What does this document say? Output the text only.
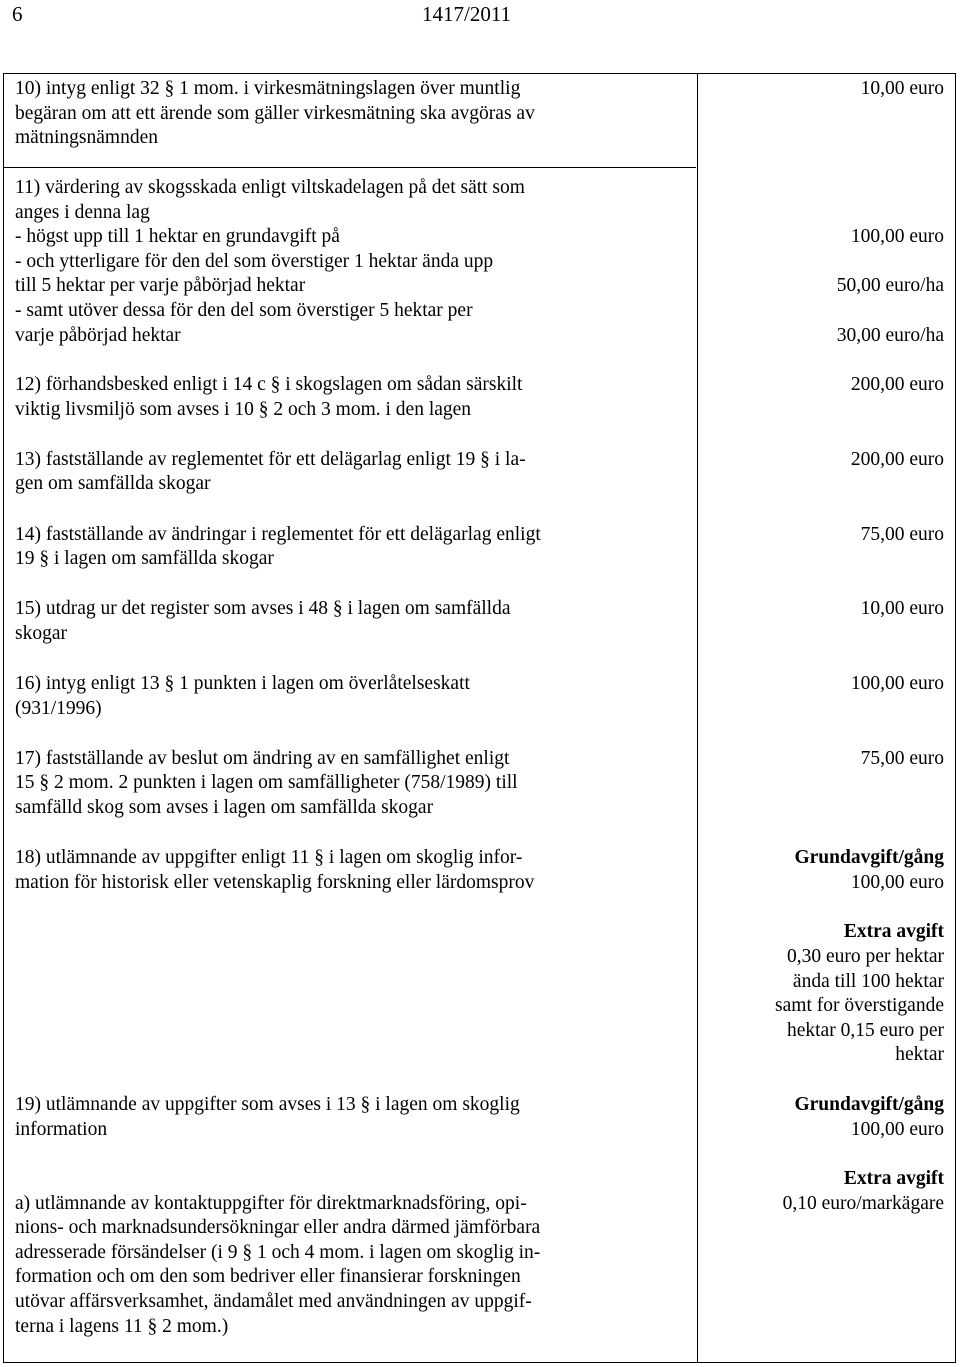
6	1417/2011
10) intyg enligt 32 § 1 mom. i virkesmätningslagen över muntlig
begäran om att ett ärende som gäller virkesmätning ska avgöras av
mätningsnämnden
10,00 euro
11) värdering av skogsskada enligt viltskadelagen på det sätt som
anges i denna lag
- högst upp till 1 hektar en grundavgift på
- och ytterligare för den del som överstiger 1 hektar ända upp
till 5 hektar per varje påbörjad hektar
- samt utöver dessa för den del som överstiger 5 hektar per
varje påbörjad hektar
100,00 euro
50,00 euro/ha
30,00 euro/ha
12) förhandsbesked enligt i 14 c § i skogslagen om sådan särskilt
viktig livsmiljö som avses i 10 § 2 och 3 mom. i den lagen
200,00 euro
13) fastställande av reglementet för ett delägarlag enligt 19 § i la-
gen om samfällda skogar
200,00 euro
14) fastställande av ändringar i reglementet för ett delägarlag enligt
19 § i lagen om samfällda skogar
75,00 euro
15) utdrag ur det register som avses i 48 § i lagen om samfällda
skogar
10,00 euro
16) intyg enligt 13 § 1 punkten i lagen om överlåtelseskatt
(931/1996)
100,00 euro
17) fastställande av beslut om ändring av en samfällighet enligt
15 § 2 mom. 2 punkten i lagen om samfälligheter (758/1989) till
samfälld skog som avses i lagen om samfällda skogar
75,00 euro
18) utlämnande av uppgifter enligt 11 § i lagen om skoglig infor-
mation för historisk eller vetenskaplig forskning eller lärdomsprov
Grundavgift/gång
100,00 euro
Extra avgift
0,30 euro per hektar
ända till 100 hektar
samt for överstigande
hektar 0,15 euro per
hektar
19) utlämnande av uppgifter som avses i 13 § i lagen om skoglig
information
Grundavgift/gång
100,00 euro
Extra avgift
0,10 euro/markägare
a) utlämnande av kontaktuppgifter för direktmarknadsföring, opi-
nions- och marknadsundersökningar eller andra därmed jämförbara
adresserade försändelser (i 9 § 1 och 4 mom. i lagen om skoglig in-
formation och om den som bedriver eller finansierar forskningen
utövar affärsverksamhet, ändamålet med användningen av uppgif-
terna i lagens 11 § 2 mom.)
